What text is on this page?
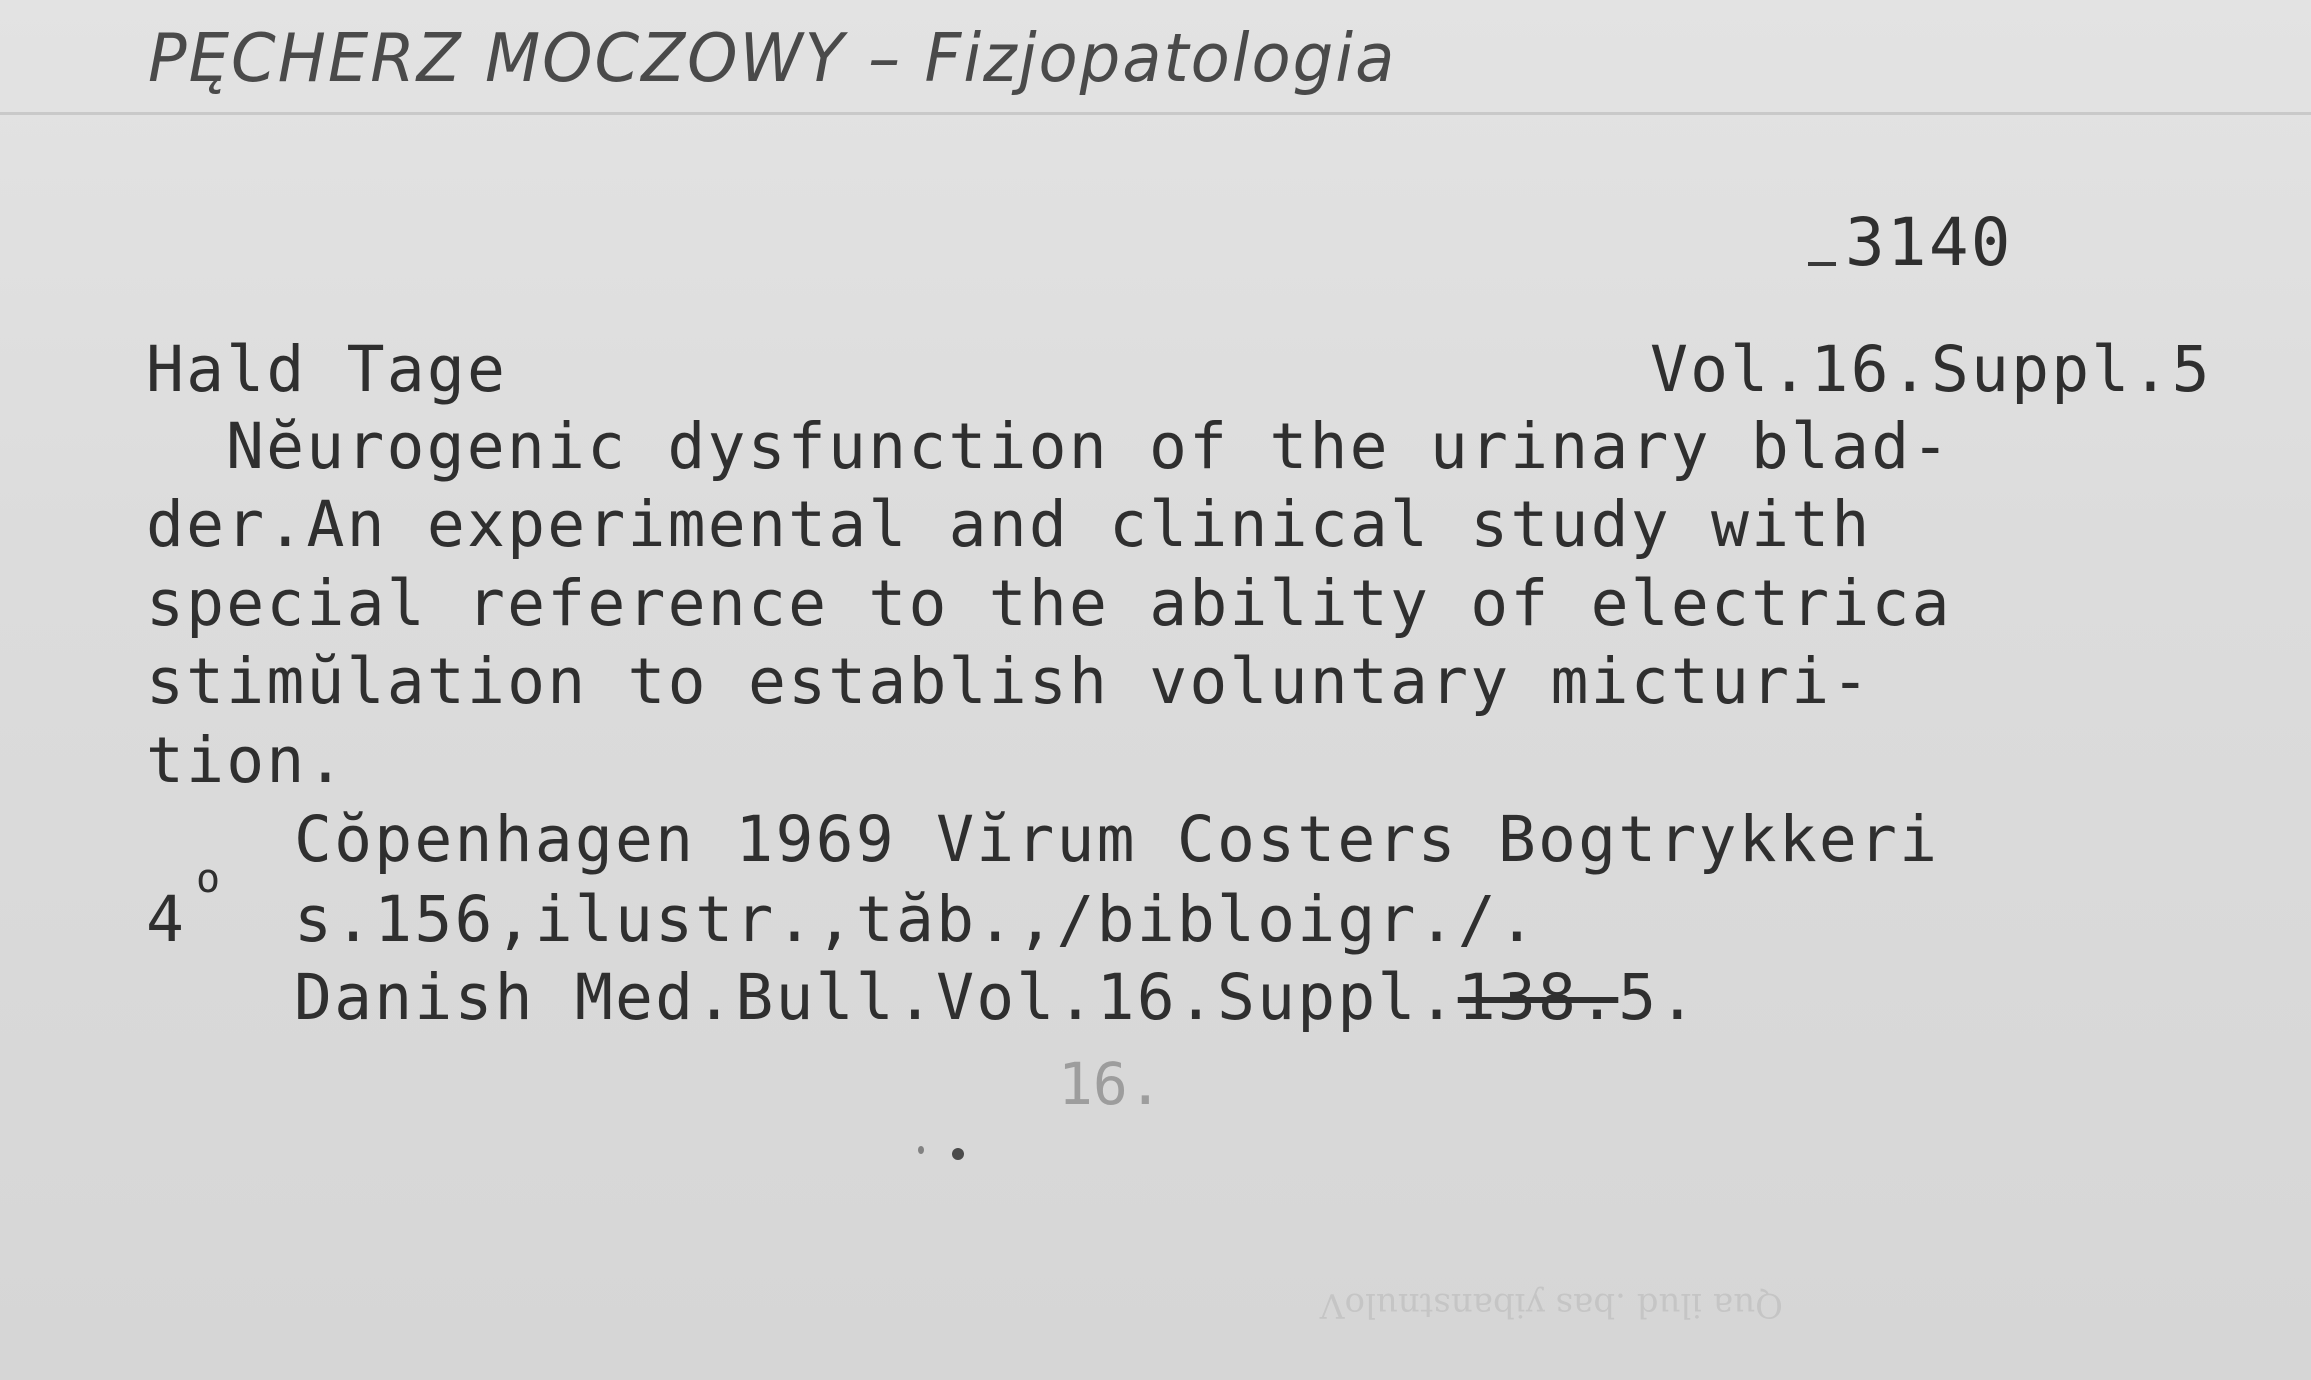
PĘCHERZ MOCZOWY – Fizjopatologia
3140
Hald Tage	Vol.16.Suppl.5
Nĕurogenic dysfunction of the urinary blad-
der.An experimental and clinical study with
special reference to the ability of electrica
stimŭlation to establish voluntary micturi-
tion.
Cŏpenhagen 1969 Vĭrum Costers Bogtrykkeri
4
o
s.156,ilustr.,tăb.,/bibloigr./.
Danish Med.Bull.Vol.16.Suppl.138.5.
16.
Qua ilud .bas yibanstnuloV
